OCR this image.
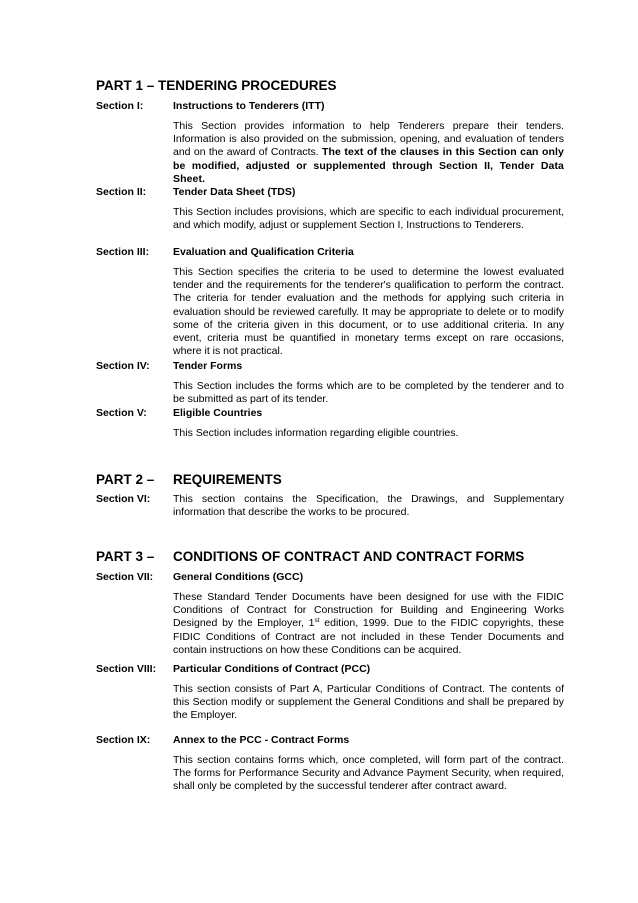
PART 1 – TENDERING PROCEDURES
Section I:	Instructions to Tenderers (ITT)
This Section provides information to help Tenderers prepare their tenders. Information is also provided on the submission, opening, and evaluation of tenders and on the award of Contracts. The text of the clauses in this Section can only be modified, adjusted or supplemented through Section II, Tender Data Sheet.
Section II:	Tender Data Sheet (TDS)
This Section includes provisions, which are specific to each individual procurement, and which modify, adjust or supplement Section I, Instructions to Tenderers.
Section III: Evaluation and Qualification Criteria
This Section specifies the criteria to be used to determine the lowest evaluated tender and the requirements for the tenderer's qualification to perform the contract. The criteria for tender evaluation and the methods for applying such criteria in evaluation should be reviewed carefully. It may be appropriate to delete or to modify some of the criteria given in this document, or to use additional criteria. In any event, criteria must be quantified in monetary terms except on rare occasions, where it is not practical.
Section IV: Tender Forms
This Section includes the forms which are to be completed by the tenderer and to be submitted as part of its tender.
Section V: Eligible Countries
This Section includes information regarding eligible countries.
PART 2 – REQUIREMENTS
Section VI: This section contains the Specification, the Drawings, and Supplementary information that describe the works to be procured.
PART 3 – CONDITIONS OF CONTRACT AND CONTRACT FORMS
Section VII: General Conditions (GCC)
These Standard Tender Documents have been designed for use with the FIDIC Conditions of Contract for Construction for Building and Engineering Works Designed by the Employer, 1st edition, 1999. Due to the FIDIC copyrights, these FIDIC Conditions of Contract are not included in these Tender Documents and contain instructions on how these Conditions can be acquired.
Section VIII: Particular Conditions of Contract (PCC)
This section consists of Part A, Particular Conditions of Contract. The contents of this Section modify or supplement the General Conditions and shall be prepared by the Employer.
Section IX: Annex to the PCC - Contract Forms
This section contains forms which, once completed, will form part of the contract. The forms for Performance Security and Advance Payment Security, when required, shall only be completed by the successful tenderer after contract award.
